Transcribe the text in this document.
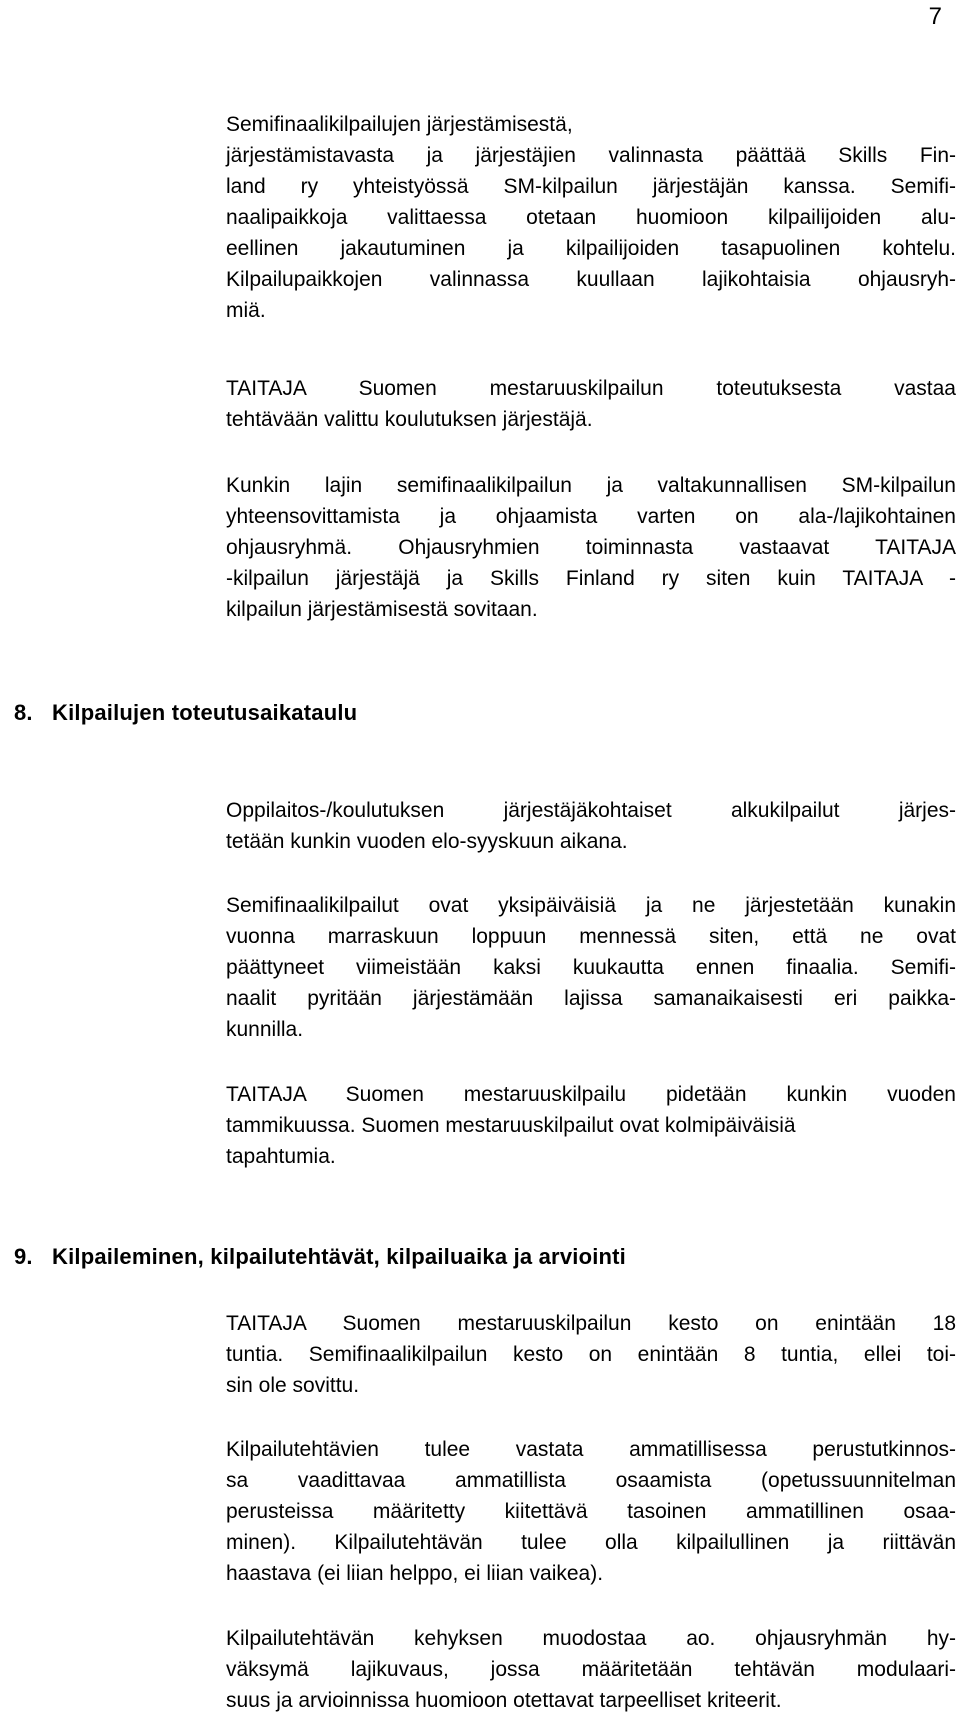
7
Semifinaalikilpailujen järjestämisestä,
järjestämistavasta ja järjestäjien valinnasta päättää Skills Fin-
land ry yhteistyössä SM-kilpailun järjestäjän kanssa. Semifi-
naalipaikkoja valittaessa otetaan huomioon kilpailijoiden alu-
eellinen jakautuminen ja kilpailijoiden tasapuolinen kohtelu.
Kilpailupaikkojen valinnassa kuullaan lajikohtaisia ohjausryh-
miä.
TAITAJA Suomen mestaruuskilpailun toteutuksesta vastaa
tehtävään valittu koulutuksen järjestäjä.
Kunkin lajin semifinaalikilpailun ja valtakunnallisen SM-kilpailun
yhteensovittamista ja ohjaamista varten on ala-/lajikohtainen
ohjausryhmä. Ohjausryhmien toiminnasta vastaavat TAITAJA
-kilpailun järjestäjä ja Skills Finland ry siten kuin TAITAJA -
kilpailun järjestämisestä sovitaan.
8. Kilpailujen toteutusaikataulu
Oppilaitos-/koulutuksen järjestäjäkohtaiset alkukilpailut järjes-
tetään kunkin vuoden elo-syyskuun aikana.
Semifinaalikilpailut ovat yksipäiväisiä ja ne järjestetään kunakin
vuonna marraskuun loppuun mennessä siten, että ne ovat
päättyneet viimeistään kaksi kuukautta ennen finaalia. Semifi-
naalit pyritään järjestämään lajissa samanaikaisesti eri paikka-
kunnilla.
TAITAJA Suomen mestaruuskilpailu pidetään kunkin vuoden
tammikuussa. Suomen mestaruuskilpailut ovat kolmipäiväisiä
tapahtumia.
9. Kilpaileminen, kilpailutehtävät, kilpailuaika ja arviointi
TAITAJA Suomen mestaruuskilpailun kesto on enintään 18
tuntia. Semifinaalikilpailun kesto on enintään 8 tuntia, ellei toi-
sin ole sovittu.
Kilpailutehtävien tulee vastata ammatillisessa perustutkinnos-
sa vaadittavaa ammatillista osaamista (opetussuunnitelman
perusteissa määritetty kiitettävä tasoinen ammatillinen osaa-
minen). Kilpailutehtävän tulee olla kilpailullinen ja riittävän
haastava (ei liian helppo, ei liian vaikea).
Kilpailutehtävän kehyksen muodostaa ao. ohjausryhmän hy-
väksymä lajikuvaus, jossa määritetään tehtävän modulaari-
suus ja arvioinnissa huomioon otettavat tarpeelliset kriteerit.
